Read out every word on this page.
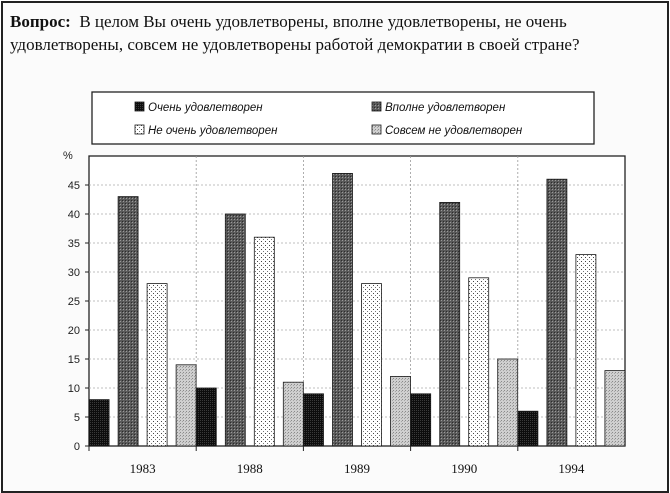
Вопрос: В целом Вы очень удовлетворены, вполне удовлетворены, не очень удовлетворены, совсем не удовлетворены работой демократии в своей стране?
Очень удовлетворен	Вполне удовлетворен
Не очень удовлетворен	Совсем не удовлетворен
0
5
10
15
20
25
30
35
40
45
%
1983	1988	1989	1990	1994
